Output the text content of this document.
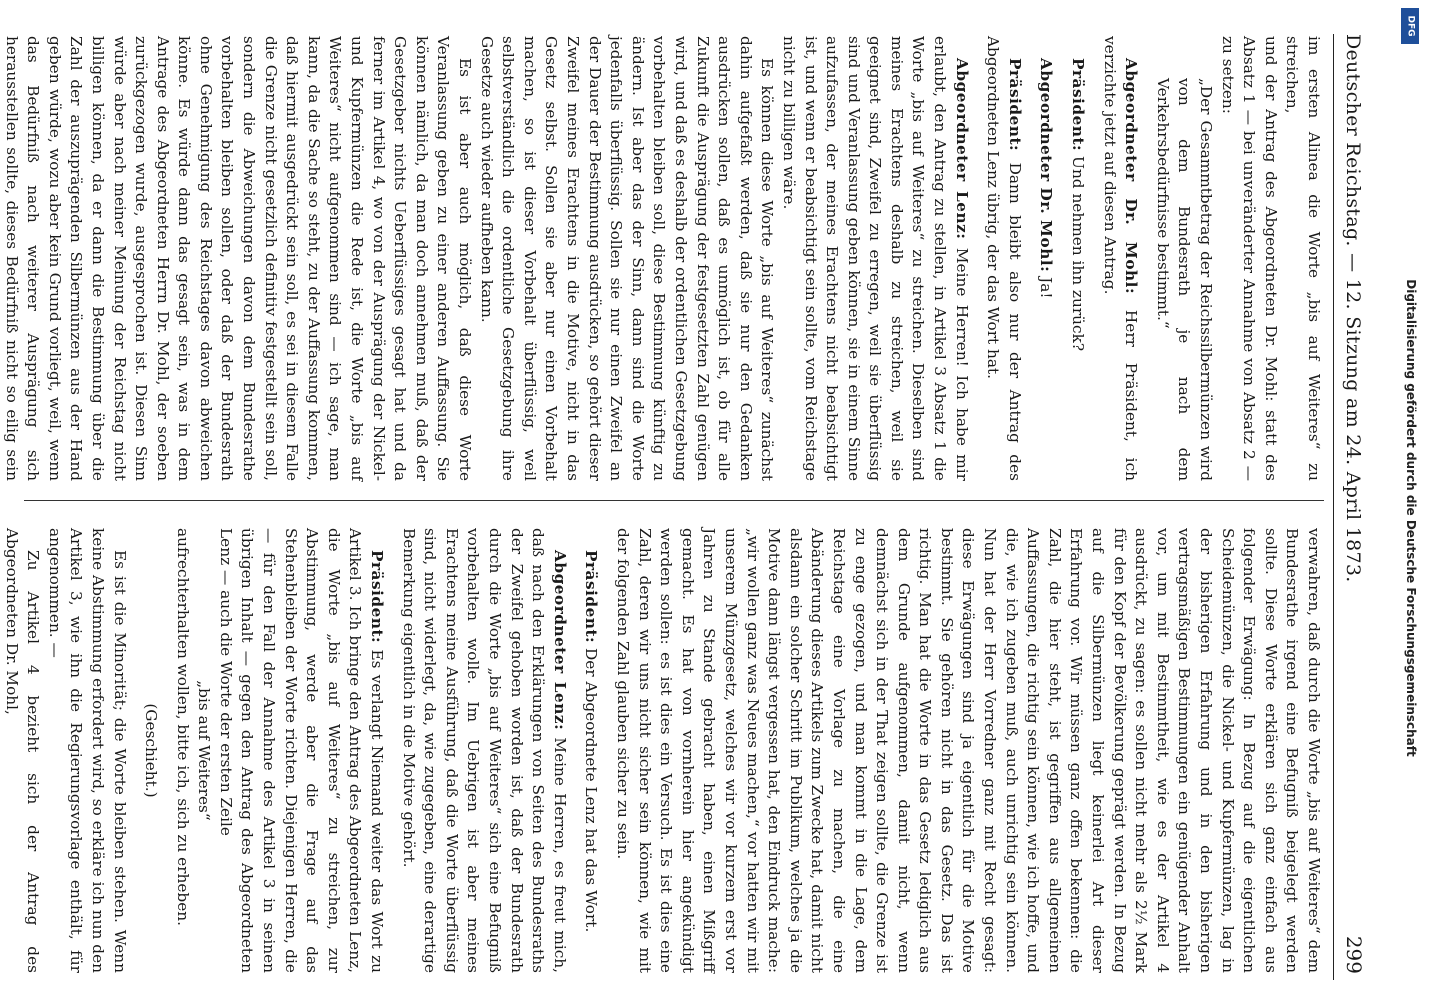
Deutscher Reichstag. — 12. Sitzung am 24. April 1873.
299

im ersten Alinea die Worte „bis auf Weiteres“ zu streichen,

und der Antrag des Abgeordneten Dr. Mohl: statt des Absatz 1 — bei unveränderter Annahme von Absatz 2 — zu setzen:

„Der Gesammtbetrag der Reichssilbermünzen wird von dem Bundesrath je nach dem Verkehrsbedürfnisse bestimmt.“

Abgeordneter Dr. Mohl: Herr Präsident, ich verzichte jetzt auf diesen Antrag.

Präsident: Und nehmen ihn zurück?

Abgeordneter Dr. Mohl: Ja!

Präsident: Dann bleibt also nur der Antrag des Abgeordneten Lenz übrig, der das Wort hat.

Abgeordneter Lenz: Meine Herren! Ich habe mir erlaubt, den Antrag zu stellen, in Artikel 3 Absatz 1 die Worte „bis auf Weiteres“ zu streichen. Dieselben sind meines Erachtens deshalb zu streichen, weil sie geeignet sind, Zweifel zu erregen, weil sie überflüssig sind und Veranlassung geben können, sie in einem Sinne aufzufassen, der meines Erachtens nicht beabsichtigt ist, und wenn er beabsichtigt sein sollte, vom Reichstage nicht zu billigen wäre.

Es können diese Worte „bis auf Weiteres“ zunächst dahin aufgefaßt werden, daß sie nur den Gedanken ausdrücken sollen, daß es unmöglich ist, ob für alle Zukunft die Ausprägung der festgesetzten Zahl genügen wird, und daß es deshalb der ordentlichen Gesetzgebung vorbehalten bleiben soll, diese Bestimmung künftig zu ändern. Ist aber das der Sinn, dann sind die Worte jedenfalls überflüssig. Sollen sie nur einen Zweifel an der Dauer der Bestimmung ausdrücken, so gehört dieser Zweifel meines Erachtens in die Motive, nicht in das Gesetz selbst. Sollen sie aber nur einen Vorbehalt machen, so ist dieser Vorbehalt überflüssig, weil selbstverständlich die ordentliche Gesetzgebung ihre Gesetze auch wieder aufheben kann.

Es ist aber auch möglich, daß diese Worte Veranlassung geben zu einer anderen Auffassung. Sie können nämlich, da man doch annehmen muß, daß der Gesetzgeber nichts Ueberflüssiges gesagt hat und da ferner im Artikel 4, wo von der Ausprägung der Nickel- und Kupfermünzen die Rede ist, die Worte „bis auf Weiteres“ nicht aufgenommen sind — ich sage, man kann, da die Sache so steht, zu der Auffassung kommen, daß hiermit ausgedrückt sein soll, es sei in diesem Falle die Grenze nicht gesetzlich definitiv festgestellt sein soll, sondern die Abweichungen davon dem Bundesrathe vorbehalten bleiben sollen, oder daß der Bundesrath ohne Genehmigung des Reichstages davon abweichen könne. Es würde dann das gesagt sein, was in dem Antrage des Abgeordneten Herrn Dr. Mohl, der soeben zurückgezogen wurde, ausgesprochen ist. Diesen Sinn würde aber nach meiner Meinung der Reichstag nicht billigen können, da er dann die Bestimmung über die Zahl der auszuprägenden Silbermünzen aus der Hand geben würde, wozu aber kein Grund vorliegt, weil, wenn das Bedürfniß nach weiterer Ausprägung sich herausstellen sollte, dieses Bedürfniß nicht so eilig sein

verwahren, daß durch die Worte „bis auf Weiteres“ dem Bundesrathe irgend eine Befugniß beigelegt werden sollte. Diese Worte erklären sich ganz einfach aus folgender Erwägung: In Bezug auf die eigentlichen Scheidemünzen, die Nickel- und Kupfermünzen, lag in der bisherigen Erfahrung und in den bisherigen vertragsmäßigen Bestimmungen ein genügender Anhalt vor, um mit Bestimmtheit, wie es der Artikel 4 ausdrückt, zu sagen: es sollen nicht mehr als 2½ Mark für den Kopf der Bevölkerung geprägt werden. In Bezug auf die Silbermünzen liegt keinerlei Art dieser Erfahrung vor. Wir müssen ganz offen bekennen: die Zahl, die hier steht, ist gegriffen aus allgemeinen Auffassungen, die richtig sein können, wie ich hoffe, und die, wie ich zugeben muß, auch unrichtig sein können. Nun hat der Herr Vorredner ganz mit Recht gesagt: diese Erwägungen sind ja eigentlich für die Motive bestimmt. Sie gehören nicht in das Gesetz. Das ist richtig. Man hat die Worte in das Gesetz lediglich aus dem Grunde aufgenommen, damit nicht, wenn demnächst sich in der That zeigen sollte, die Grenze ist zu enge gezogen, und man kommt in die Lage, dem Reichstage eine Vorlage zu machen, die eine Abänderung dieses Artikels zum Zwecke hat, damit nicht alsdann ein solcher Schritt im Publikum, welches ja die Motive dann längst vergessen hat, den Eindruck mache: „wir wollen ganz was Neues machen,“ vor hatten wir mit unserem Münzgesetz, welches wir vor kurzem erst vor Jahren zu Stande gebracht haben, einen Mißgriff gemacht. Es hat von vornherein hier angekündigt werden sollen: es ist dies ein Versuch. Es ist dies eine Zahl, deren wir uns nicht sicher sein können, wie mit der folgenden Zahl glauben sicher zu sein.

Präsident: Der Abgeordnete Lenz hat das Wort.

Abgeordneter Lenz: Meine Herren, es freut mich, daß nach den Erklärungen von Seiten des Bundesraths der Zweifel gehoben worden ist, daß der Bundesrath durch die Worte „bis auf Weiteres“ sich eine Befugniß vorbehalten wolle. Im Uebrigen ist aber meines Erachtens meine Ausführung, daß die Worte überflüssig sind, nicht widerlegt, da, wie zugegeben, eine derartige Bemerkung eigentlich in die Motive gehört.

Präsident: Es verlangt Niemand weiter das Wort zu Artikel 3. Ich bringe den Antrag des Abgeordneten Lenz, die Worte „bis auf Weiteres“ zu streichen, zur Abstimmung, werde aber die Frage auf das Stehenbleiben der Worte richten. Diejenigen Herren, die — für den Fall der Annahme des Artikel 3 in seinen übrigen Inhalt — gegen den Antrag des Abgeordneten Lenz — auch die Worte der ersten Zeile

„bis auf Weiteres“

aufrechterhalten wollen, bitte ich, sich zu erheben.

(Geschieht.)

Es ist die Minorität; die Worte bleiben stehen. Wenn keine Abstimmung erfordert wird, so erkläre ich nun den Artikel 3, wie ihn die Regierungsvorlage enthält, für angenommen. —

Zu Artikel 4 bezieht sich der Antrag des Abgeordneten Dr. Mohl,

DFG
Digitalisierung gefördert durch die Deutsche Forschungsgemeinschaft
